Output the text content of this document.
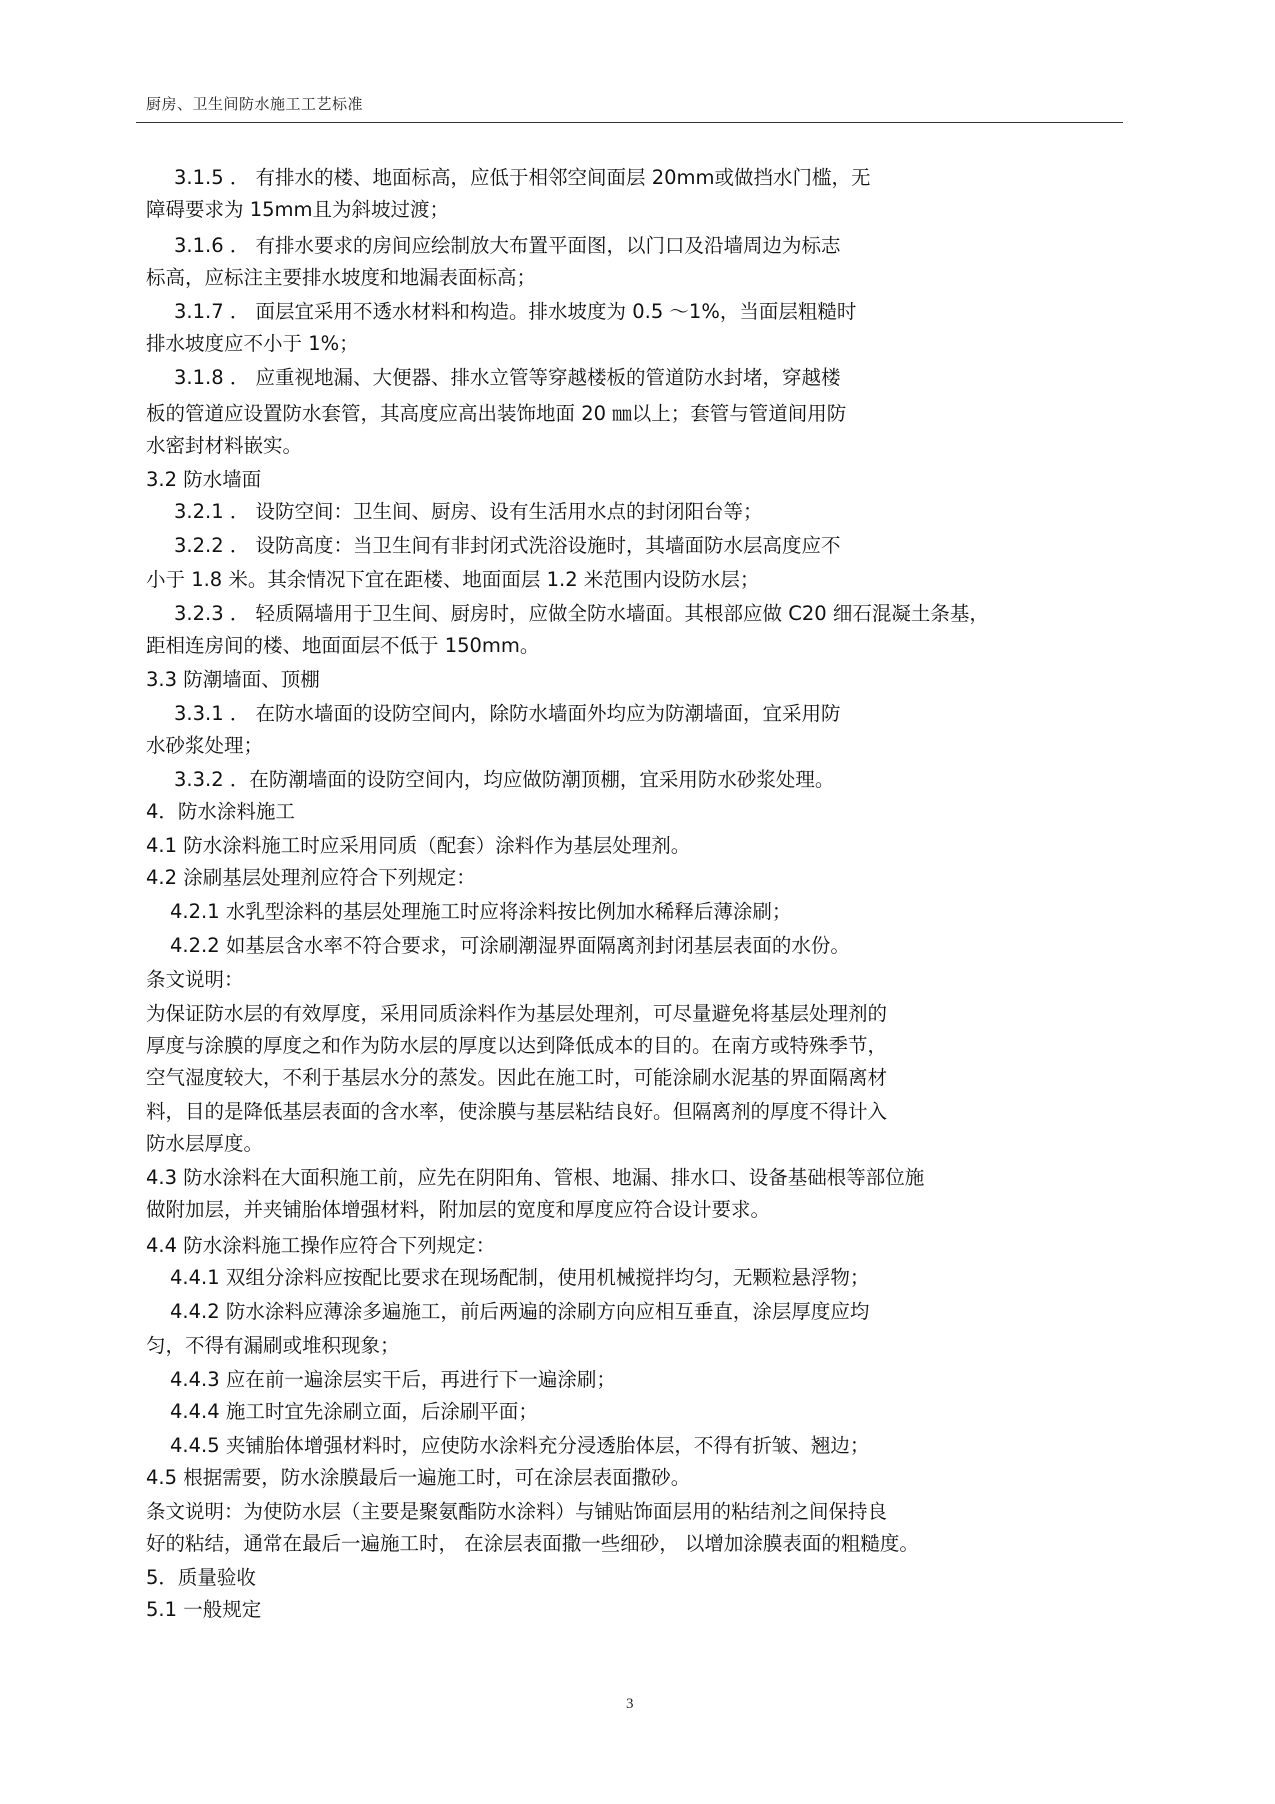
厨房、卫生间防水施工工艺标准
3.1.5 ． 有排水的楼、地面标高，应低于相邻空间面层 20mm或做挡水门槛，无
障碍要求为 15mm且为斜坡过渡；
3.1.6 ． 有排水要求的房间应绘制放大布置平面图，以门口及沿墙周边为标志
标高，应标注主要排水坡度和地漏表面标高；
3.1.7 ． 面层宜采用不透水材料和构造。排水坡度为 0.5 ～1%，当面层粗糙时
排水坡度应不小于 1%；
3.1.8 ． 应重视地漏、大便器、排水立管等穿越楼板的管道防水封堵，穿越楼
板的管道应设置防水套管，其高度应高出装饰地面 20 ㎜以上；套管与管道间用防
水密封材料嵌实。
3.2 防水墙面
3.2.1 ． 设防空间：卫生间、厨房、设有生活用水点的封闭阳台等；
3.2.2 ． 设防高度：当卫生间有非封闭式洗浴设施时，其墙面防水层高度应不
小于 1.8 米。其余情况下宜在距楼、地面面层 1.2 米范围内设防水层；
3.2.3 ． 轻质隔墙用于卫生间、厨房时，应做全防水墙面。其根部应做 C20 细石混凝土条基，
距相连房间的楼、地面面层不低于 150mm。
3.3 防潮墙面、顶棚
3.3.1 ． 在防水墙面的设防空间内，除防水墙面外均应为防潮墙面，宜采用防
水砂浆处理；
3.3.2 ．在防潮墙面的设防空间内，均应做防潮顶棚，宜采用防水砂浆处理。
4．防水涂料施工
4.1 防水涂料施工时应采用同质（配套）涂料作为基层处理剂。
4.2 涂刷基层处理剂应符合下列规定：
4.2.1 水乳型涂料的基层处理施工时应将涂料按比例加水稀释后薄涂刷；
4.2.2 如基层含水率不符合要求，可涂刷潮湿界面隔离剂封闭基层表面的水份。
条文说明：
为保证防水层的有效厚度，采用同质涂料作为基层处理剂，可尽量避免将基层处理剂的
厚度与涂膜的厚度之和作为防水层的厚度以达到降低成本的目的。在南方或特殊季节，
空气湿度较大，不利于基层水分的蒸发。因此在施工时，可能涂刷水泥基的界面隔离材
料，目的是降低基层表面的含水率，使涂膜与基层粘结良好。但隔离剂的厚度不得计入
防水层厚度。
4.3 防水涂料在大面积施工前，应先在阴阳角、管根、地漏、排水口、设备基础根等部位施
做附加层，并夹铺胎体增强材料，附加层的宽度和厚度应符合设计要求。
4.4 防水涂料施工操作应符合下列规定：
4.4.1 双组分涂料应按配比要求在现场配制，使用机械搅拌均匀，无颗粒悬浮物；
4.4.2 防水涂料应薄涂多遍施工，前后两遍的涂刷方向应相互垂直，涂层厚度应均
匀，不得有漏刷或堆积现象；
4.4.3 应在前一遍涂层实干后，再进行下一遍涂刷；
4.4.4 施工时宜先涂刷立面，后涂刷平面；
4.4.5 夹铺胎体增强材料时，应使防水涂料充分浸透胎体层，不得有折皱、翘边；
4.5 根据需要，防水涂膜最后一遍施工时，可在涂层表面撒砂。
条文说明：为使防水层（主要是聚氨酯防水涂料）与铺贴饰面层用的粘结剂之间保持良
好的粘结，通常在最后一遍施工时， 在涂层表面撒一些细砂， 以增加涂膜表面的粗糙度。
5．质量验收
5.1 一般规定
3
